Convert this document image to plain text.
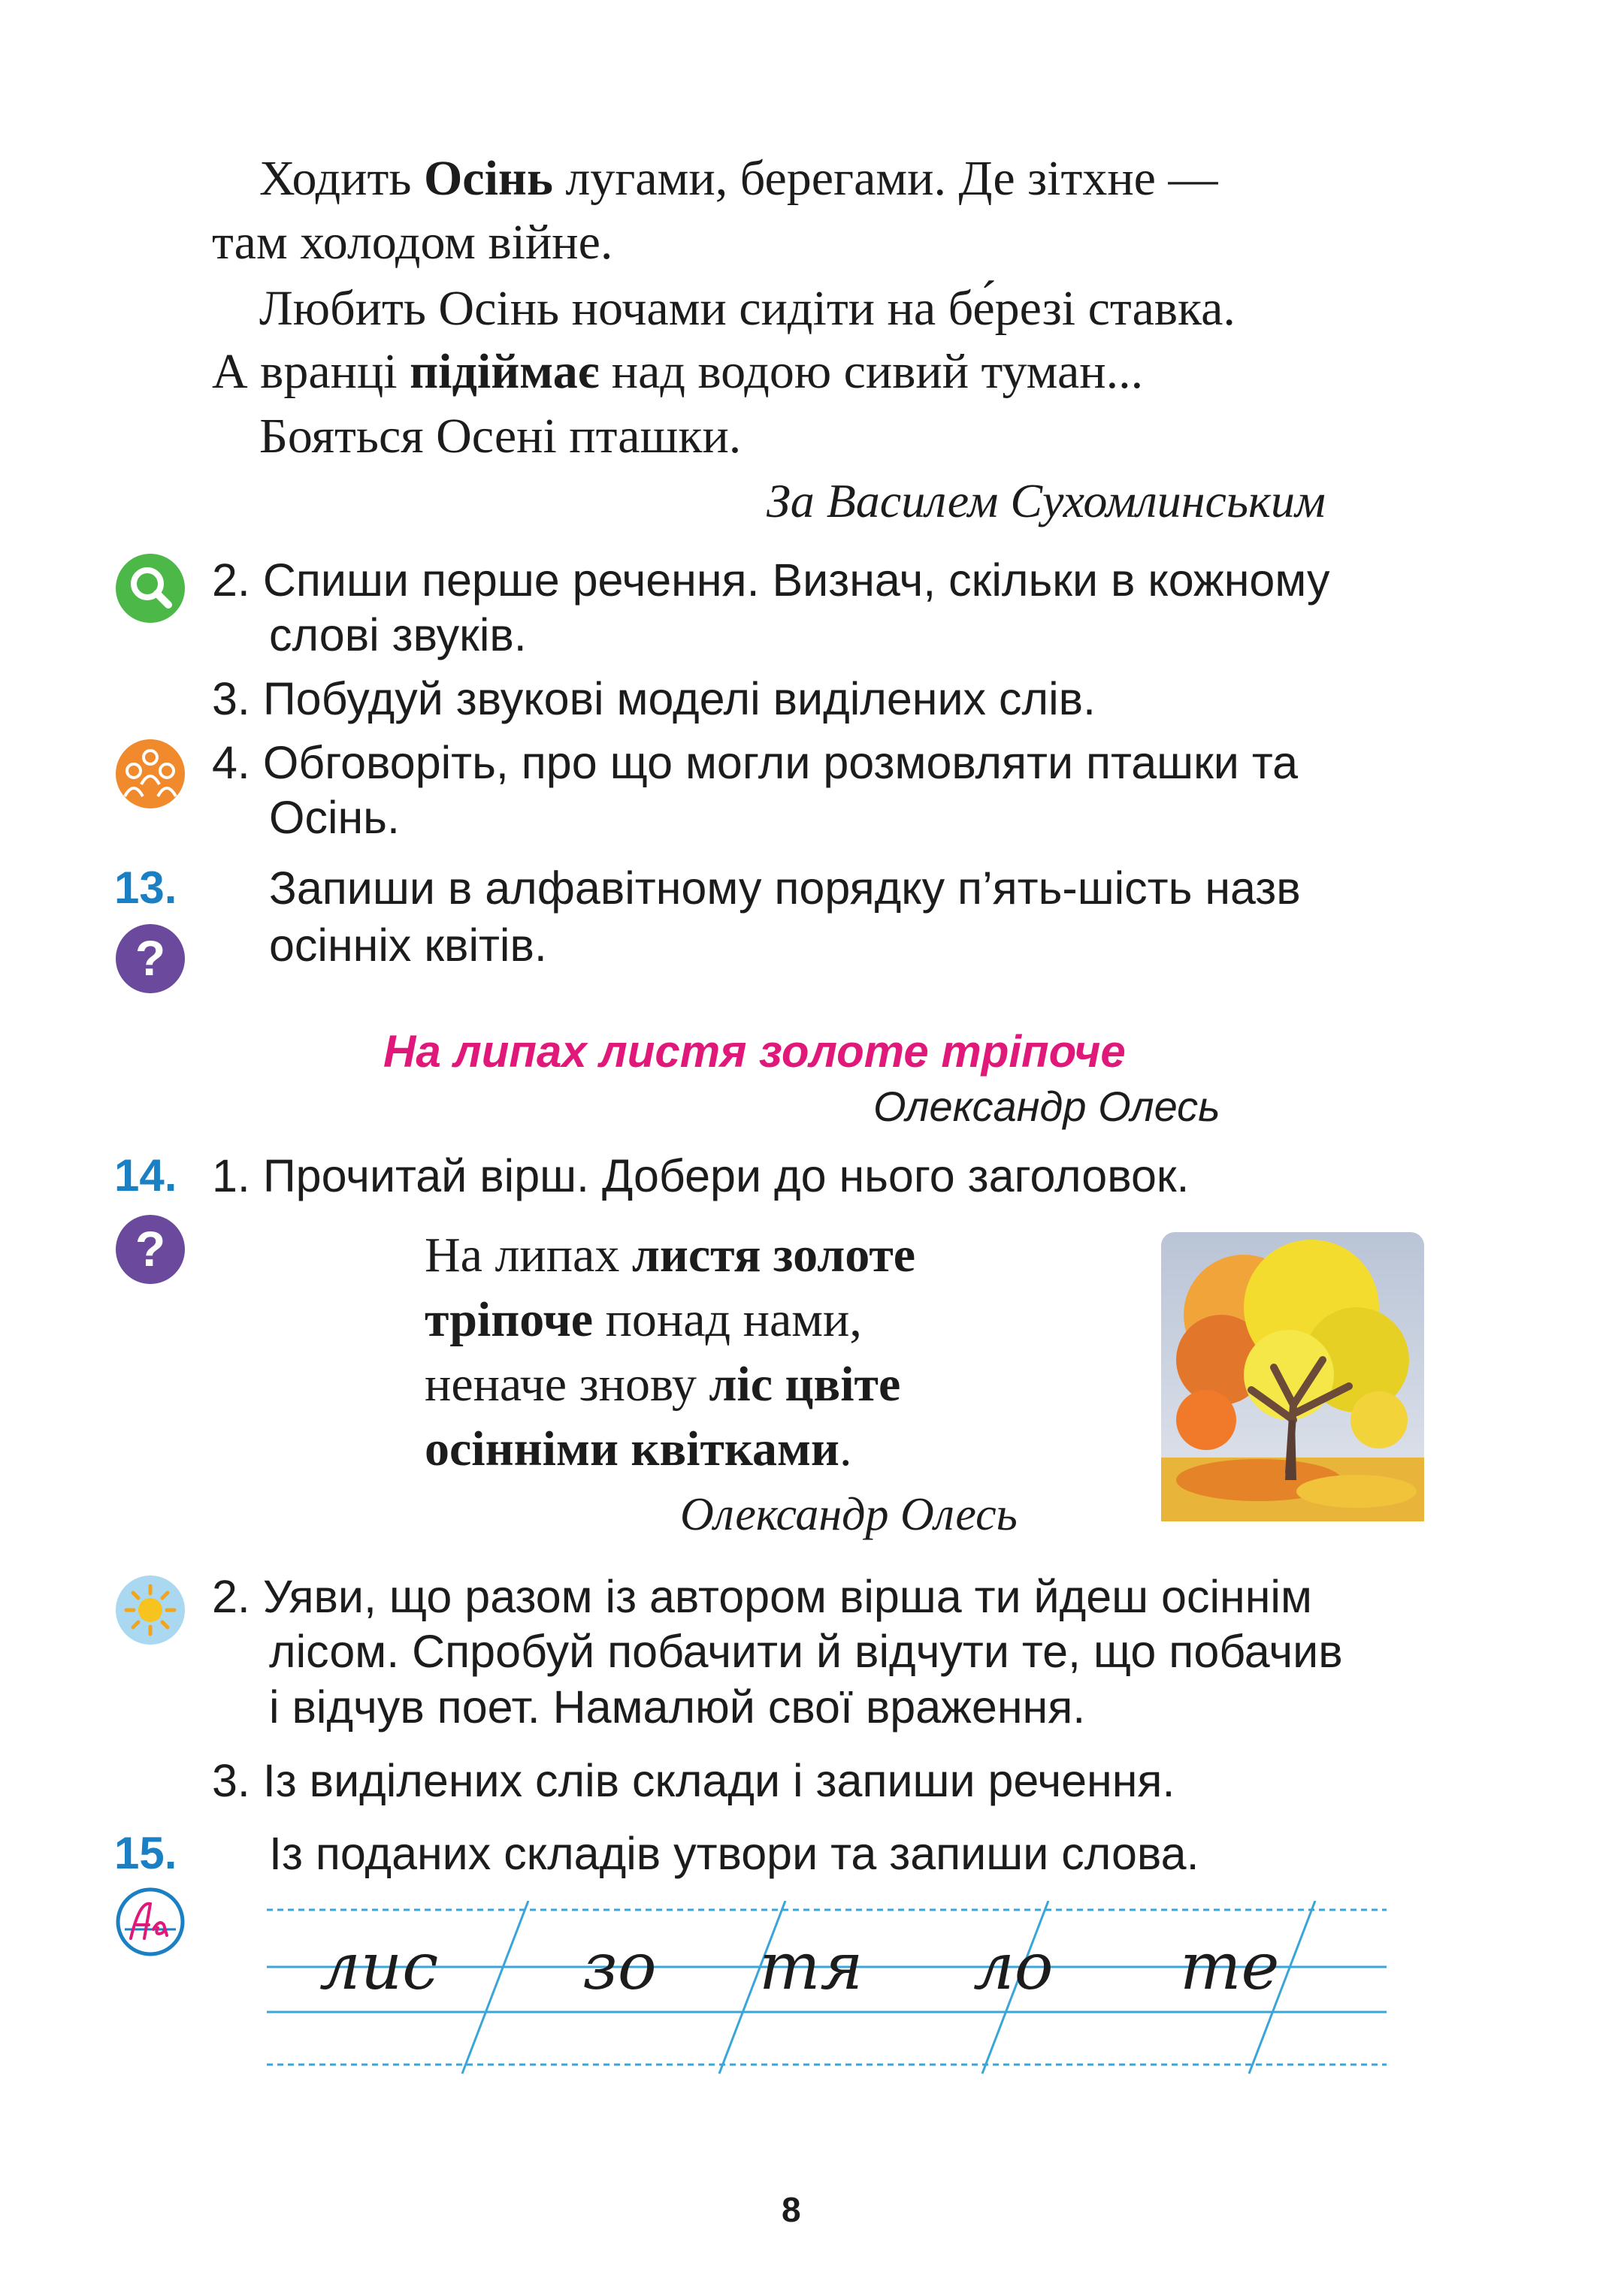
Ходить Осінь лугами, берегами. Де зітхне —
там холодом війне.
Любить Осінь ночами сидіти на бе́резі ставка.
А вранці підіймає над водою сивий туман...
Бояться Осені пташки.
За Василем Сухомлинським
2. Спиши перше речення. Визнач, скільки в кожному
слові звуків.
3. Побудуй звукові моделі виділених слів.
4. Обговоріть, про що могли розмовляти пташки та
Осінь.
13. Запиши в алфавітному порядку п’ять-шість назв
осінніх квітів.
?
На липах листя золоте тріпоче
Олександр Олесь
14. 1. Прочитай вірш. Добери до нього заголовок.
?	На липах листя золоте
тріпоче понад нами,
неначе знову ліс цвіте
осінніми квітками.
Олександр Олесь
2. Уяви, що разом із автором вірша ти йдеш осіннім
лісом. Спробуй побачити й відчути те, що побачив
і відчув поет. Намалюй свої враження.
3. Із виділених слів склади і запиши речення.
15. Із поданих складів утвори та запиши слова.
лис зо тя ло те
8
